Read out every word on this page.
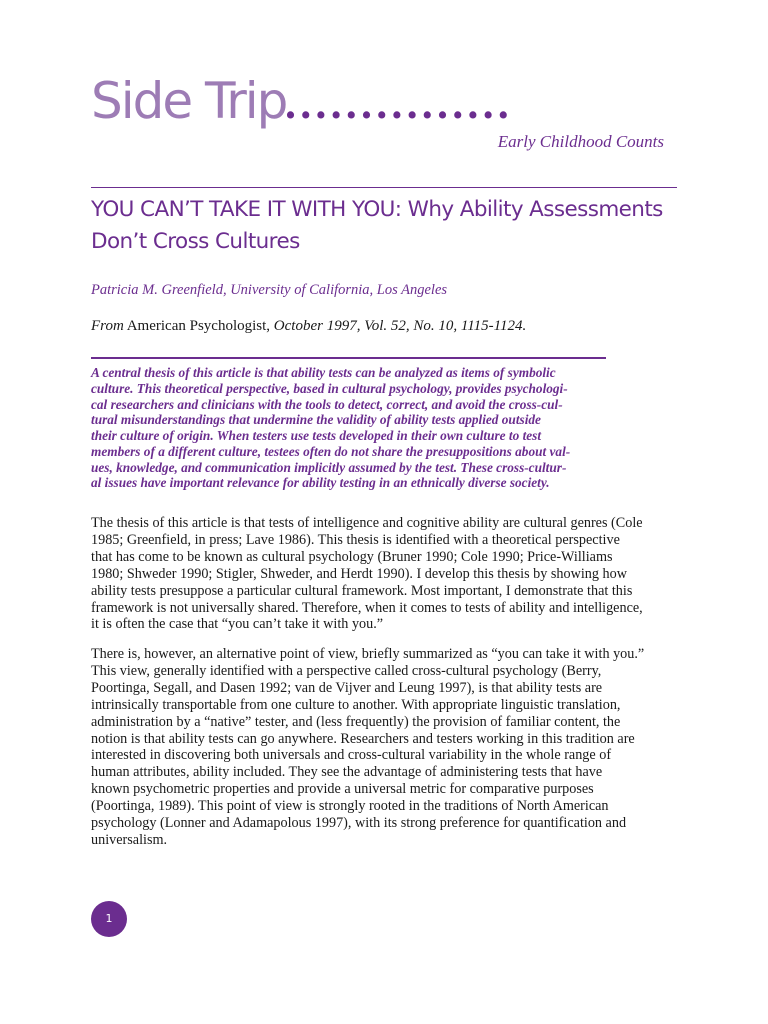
Side Trip
...............
Early Childhood Counts
YOU CAN’T TAKE IT WITH YOU: Why Ability Assessments
Don’t Cross Cultures
Patricia M. Greenfield, University of California, Los Angeles
From American Psychologist, October 1997, Vol. 52, No. 10, 1115-1124.

A central thesis of this article is that ability tests can be analyzed as items of symbolic
culture. This theoretical perspective, based in cultural psychology, provides psychologi-
cal researchers and clinicians with the tools to detect, correct, and avoid the cross-cul-
tural misunderstandings that undermine the validity of ability tests applied outside
their culture of origin. When testers use tests developed in their own culture to test
members of a different culture, testees often do not share the presuppositions about val-
ues, knowledge, and communication implicitly assumed by the test. These cross-cultur-
al issues have important relevance for ability testing in an ethnically diverse society.

The thesis of this article is that tests of intelligence and cognitive ability are cultural genres (Cole
1985; Greenfield, in press; Lave 1986). This thesis is identified with a theoretical perspective
that has come to be known as cultural psychology (Bruner 1990; Cole 1990; Price-Williams
1980; Shweder 1990; Stigler, Shweder, and Herdt 1990). I develop this thesis by showing how
ability tests presuppose a particular cultural framework. Most important, I demonstrate that this
framework is not universally shared. Therefore, when it comes to tests of ability and intelligence,
it is often the case that “you can’t take it with you.”

There is, however, an alternative point of view, briefly summarized as “you can take it with you.”
This view, generally identified with a perspective called cross-cultural psychology (Berry,
Poortinga, Segall, and Dasen 1992; van de Vijver and Leung 1997), is that ability tests are
intrinsically transportable from one culture to another. With appropriate linguistic translation,
administration by a “native” tester, and (less frequently) the provision of familiar content, the
notion is that ability tests can go anywhere. Researchers and testers working in this tradition are
interested in discovering both universals and cross-cultural variability in the whole range of
human attributes, ability included. They see the advantage of administering tests that have
known psychometric properties and provide a universal metric for comparative purposes
(Poortinga, 1989). This point of view is strongly rooted in the traditions of North American
psychology (Lonner and Adamapolous 1997), with its strong preference for quantification and
universalism.

1
